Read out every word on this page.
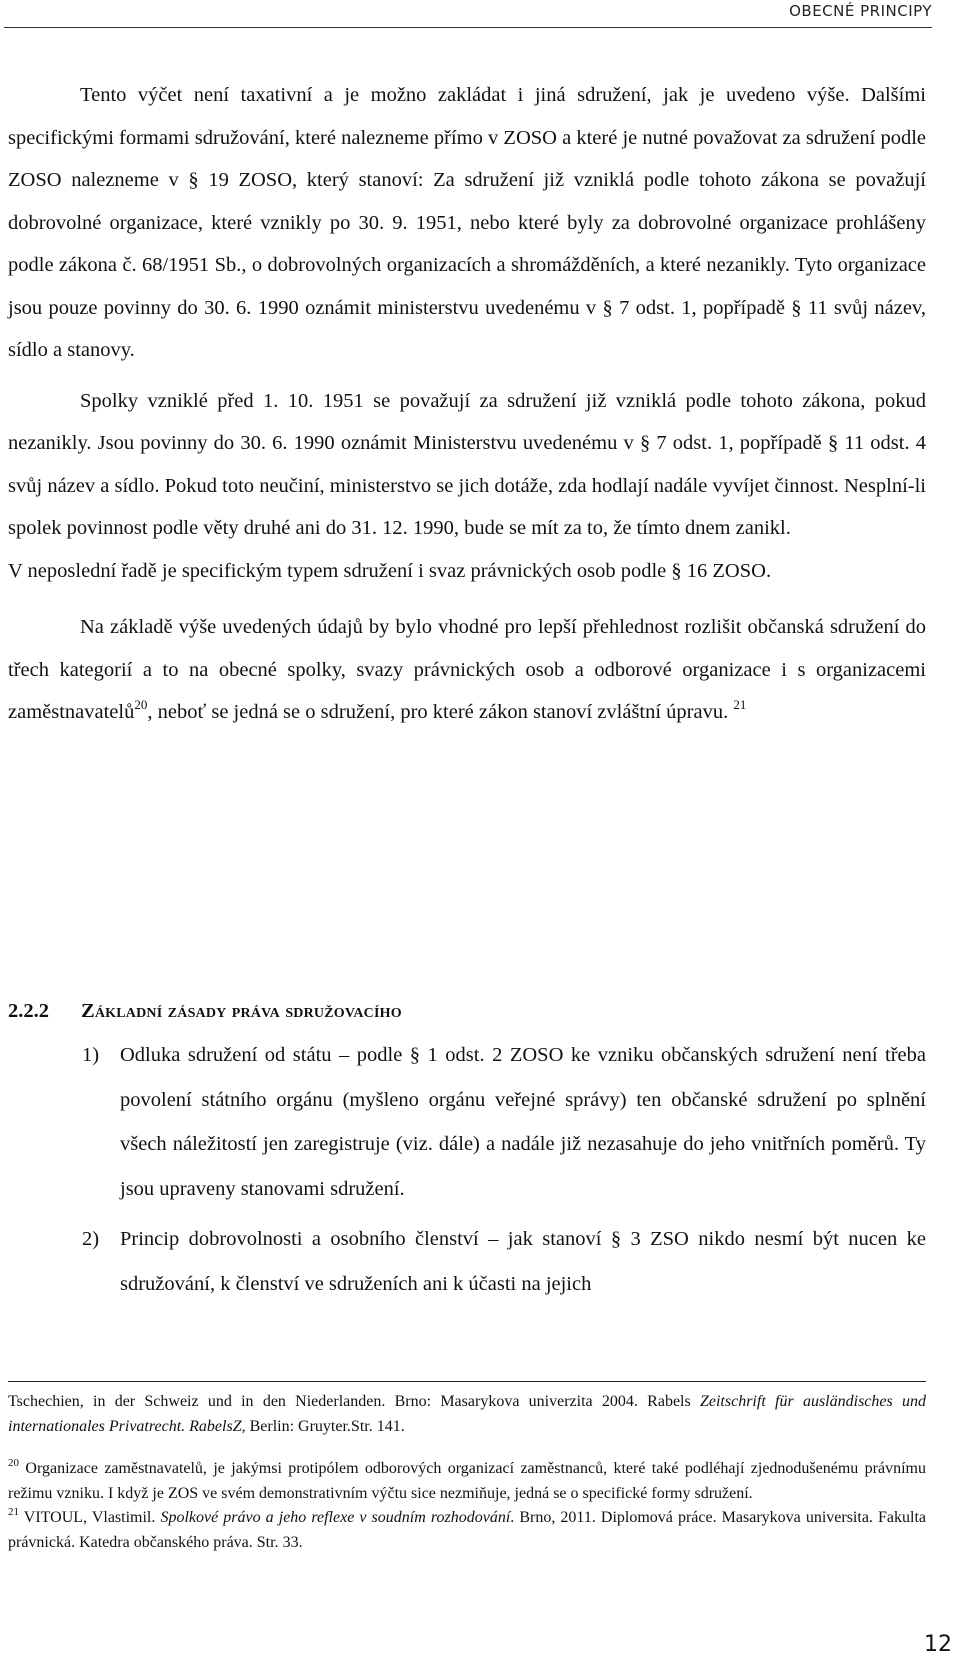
OBECNÉ PRINCIPY

Tento výčet není taxativní a je možno zakládat i jiná sdružení, jak je uvedeno výše. Dalšími specifickými formami sdružování, které nalezneme přímo v ZOSO a které je nutné považovat za sdružení podle ZOSO nalezneme v § 19 ZOSO, který stanoví: Za sdružení již vzniklá podle tohoto zákona se považují dobrovolné organizace, které vznikly po 30. 9. 1951, nebo které byly za dobrovolné organizace prohlášeny podle zákona č. 68/1951 Sb., o dobrovolných organizacích a shromážděních, a které nezanikly. Tyto organizace jsou pouze povinny do 30. 6. 1990 oznámit ministerstvu uvedenému v § 7 odst. 1, popřípadě § 11 svůj název, sídlo a stanovy.

Spolky vzniklé před 1. 10. 1951 se považují za sdružení již vzniklá podle tohoto zákona, pokud nezanikly. Jsou povinny do 30. 6. 1990 oznámit Ministerstvu uvedenému v § 7 odst. 1, popřípadě § 11 odst. 4 svůj název a sídlo. Pokud toto neučiní, ministerstvo se jich dotáže, zda hodlají nadále vyvíjet činnost. Nesplní-li spolek povinnost podle věty druhé ani do 31. 12. 1990, bude se mít za to, že tímto dnem zanikl.

V neposlední řadě je specifickým typem sdružení i svaz právnických osob podle § 16 ZOSO.

Na základě výše uvedených údajů by bylo vhodné pro lepší přehlednost rozlišit občanská sdružení do třech kategorií a to na obecné spolky, svazy právnických osob a odborové organizace i s organizacemi zaměstnavatelů$^{20}$, neboť se jedná se o sdružení, pro které zákon stanoví zvláštní úpravu. $^{21}$

2.2.2 Základní zásady práva sdružovacího

1) Odluka sdružení od státu – podle § 1 odst. 2 ZOSO ke vzniku občanských sdružení není třeba povolení státního orgánu (myšleno orgánu veřejné správy) ten občanské sdružení po splnění všech náležitostí jen zaregistruje (viz. dále) a nadále již nezasahuje do jeho vnitřních poměrů. Ty jsou upraveny stanovami sdružení.

2) Princip dobrovolnosti a osobního členství – jak stanoví § 3 ZSO nikdo nesmí být nucen ke sdružování, k členství ve sdruženích ani k účasti na jejich

Tschechien, in der Schweiz und in den Niederlanden. Brno: Masarykova univerzita 2004. Rabels Zeitschrift für ausländisches und internationales Privatrecht. RabelsZ, Berlin: Gruyter.Str. 141.

$^{20}$ Organizace zaměstnavatelů, je jakýmsi protipólem odborových organizací zaměstnanců, které také podléhají zjednodušenému právnímu režimu vzniku. I když je ZOS ve svém demonstrativním výčtu sice nezmiňuje, jedná se o specifické formy sdružení.

$^{21}$ VITOUL, Vlastimil. Spolkové právo a jeho reflexe v soudním rozhodování. Brno, 2011. Diplomová práce. Masarykova universita. Fakulta právnická. Katedra občanského práva. Str. 33.

12
